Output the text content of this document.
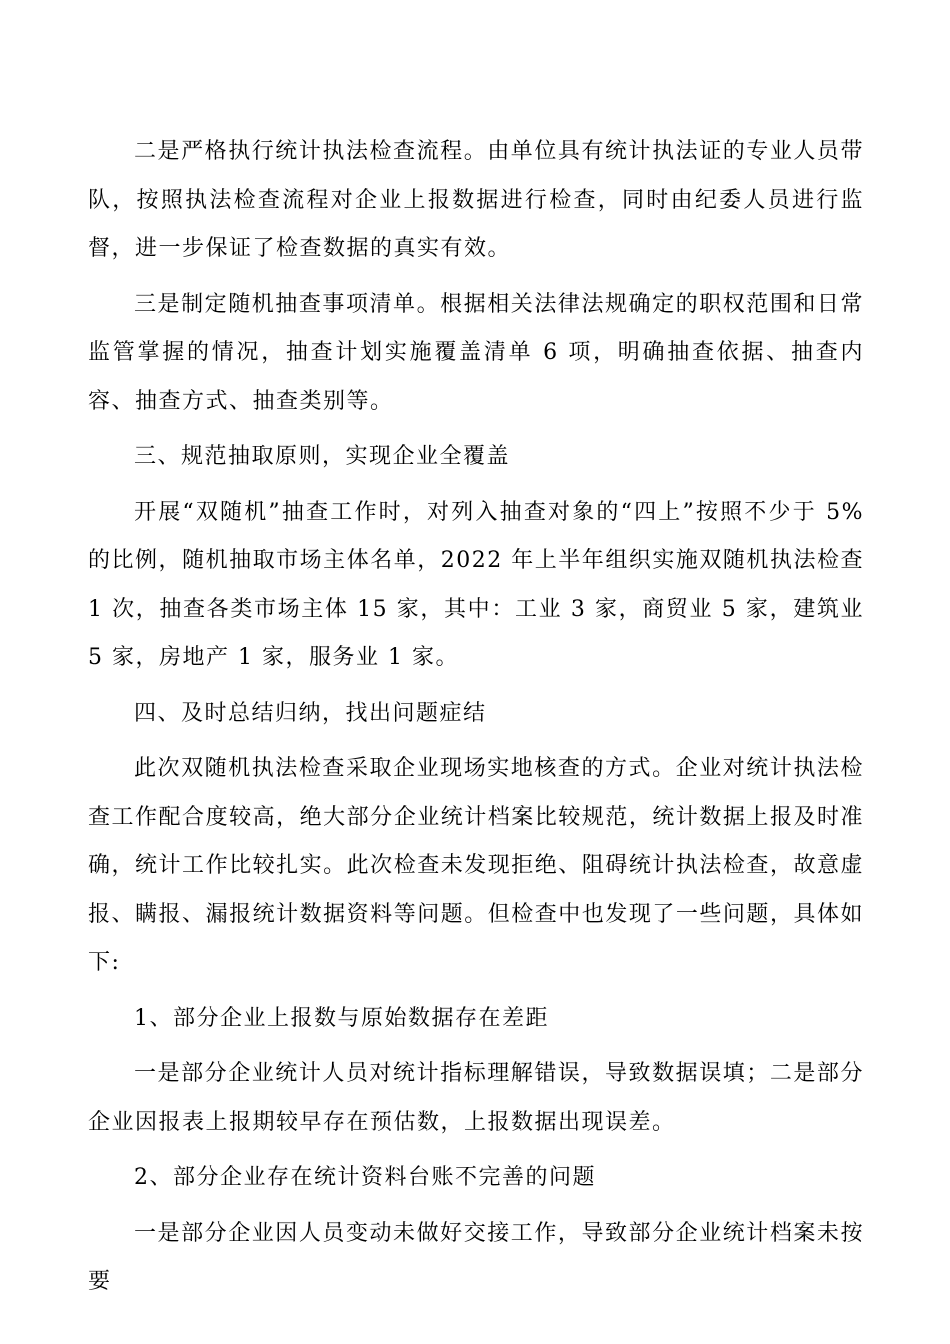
二是严格执行统计执法检查流程。由单位具有统计执法证的专业人员带队，按照执法检查流程对企业上报数据进行检查，同时由纪委人员进行监督，进一步保证了检查数据的真实有效。

三是制定随机抽查事项清单。根据相关法律法规确定的职权范围和日常监管掌握的情况，抽查计划实施覆盖清单 6 项，明确抽查依据、抽查内容、抽查方式、抽查类别等。

三、规范抽取原则，实现企业全覆盖

开展“双随机”抽查工作时，对列入抽查对象的“四上”按照不少于 5%的比例，随机抽取市场主体名单，2022 年上半年组织实施双随机执法检查 1 次，抽查各类市场主体 15 家，其中：工业 3 家，商贸业 5 家，建筑业 5 家，房地产 1 家，服务业 1 家。

四、及时总结归纳，找出问题症结

此次双随机执法检查采取企业现场实地核查的方式。企业对统计执法检查工作配合度较高，绝大部分企业统计档案比较规范，统计数据上报及时准确，统计工作比较扎实。此次检查未发现拒绝、阻碍统计执法检查，故意虚报、瞒报、漏报统计数据资料等问题。但检查中也发现了一些问题，具体如下:

1、部分企业上报数与原始数据存在差距

一是部分企业统计人员对统计指标理解错误，导致数据误填；二是部分企业因报表上报期较早存在预估数，上报数据出现误差。

2、部分企业存在统计资料台账不完善的问题

一是部分企业因人员变动未做好交接工作，导致部分企业统计档案未按要
